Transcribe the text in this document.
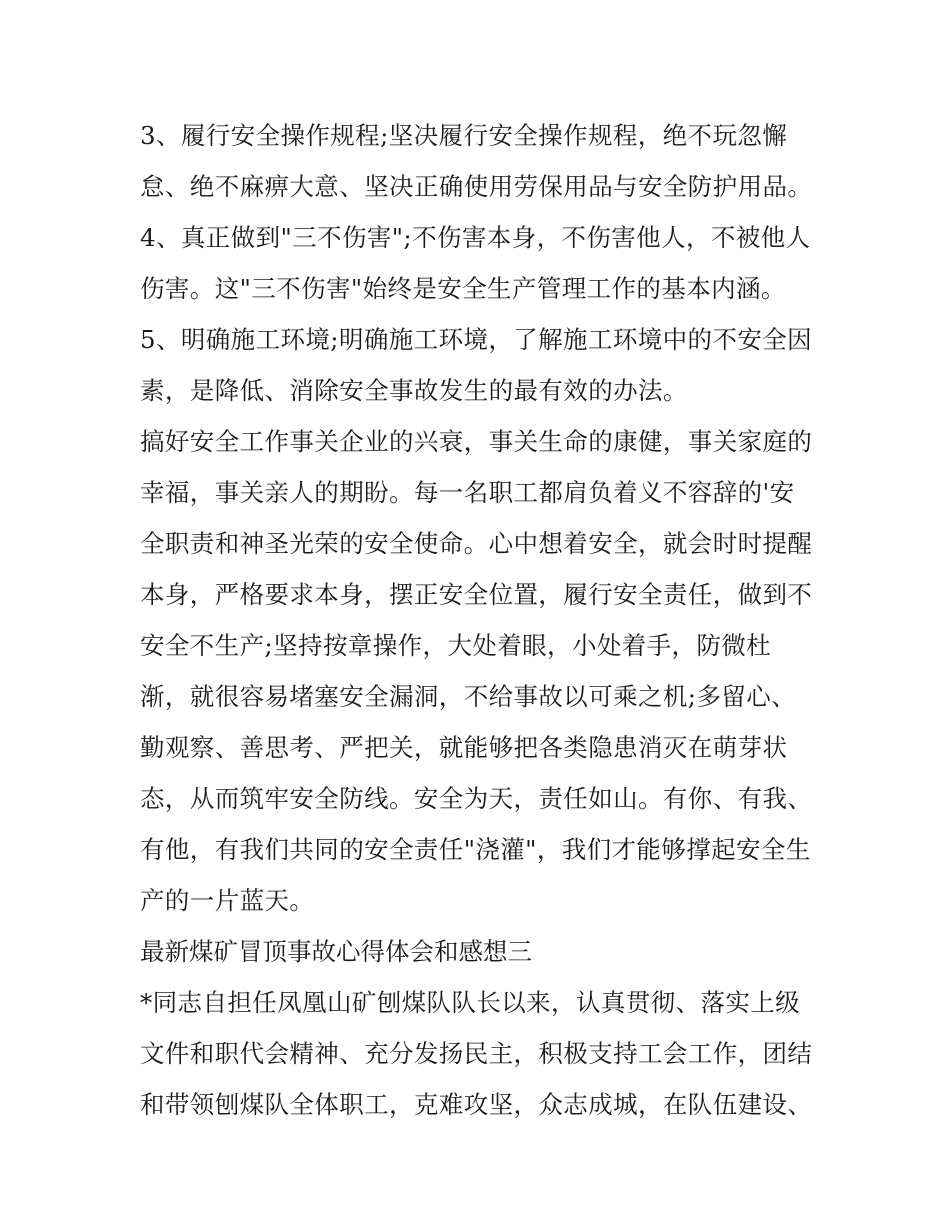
3、履行安全操作规程;坚决履行安全操作规程，绝不玩忽懈
怠、绝不麻痹大意、坚决正确使用劳保用品与安全防护用品。
4、真正做到"三不伤害";不伤害本身，不伤害他人，不被他人
伤害。这"三不伤害"始终是安全生产管理工作的基本内涵。
5、明确施工环境;明确施工环境，了解施工环境中的不安全因
素，是降低、消除安全事故发生的最有效的办法。
搞好安全工作事关企业的兴衰，事关生命的康健，事关家庭的
幸福，事关亲人的期盼。每一名职工都肩负着义不容辞的'安
全职责和神圣光荣的安全使命。心中想着安全，就会时时提醒
本身，严格要求本身，摆正安全位置，履行安全责任，做到不
安全不生产;坚持按章操作，大处着眼，小处着手，防微杜
渐，就很容易堵塞安全漏洞，不给事故以可乘之机;多留心、
勤观察、善思考、严把关，就能够把各类隐患消灭在萌芽状
态，从而筑牢安全防线。安全为天，责任如山。有你、有我、
有他，有我们共同的安全责任"浇灌"，我们才能够撑起安全生
产的一片蓝天。
最新煤矿冒顶事故心得体会和感想三
*同志自担任凤凰山矿刨煤队队长以来，认真贯彻、落实上级
文件和职代会精神、充分发扬民主，积极支持工会工作，团结
和带领刨煤队全体职工，克难攻坚，众志成城，在队伍建设、
